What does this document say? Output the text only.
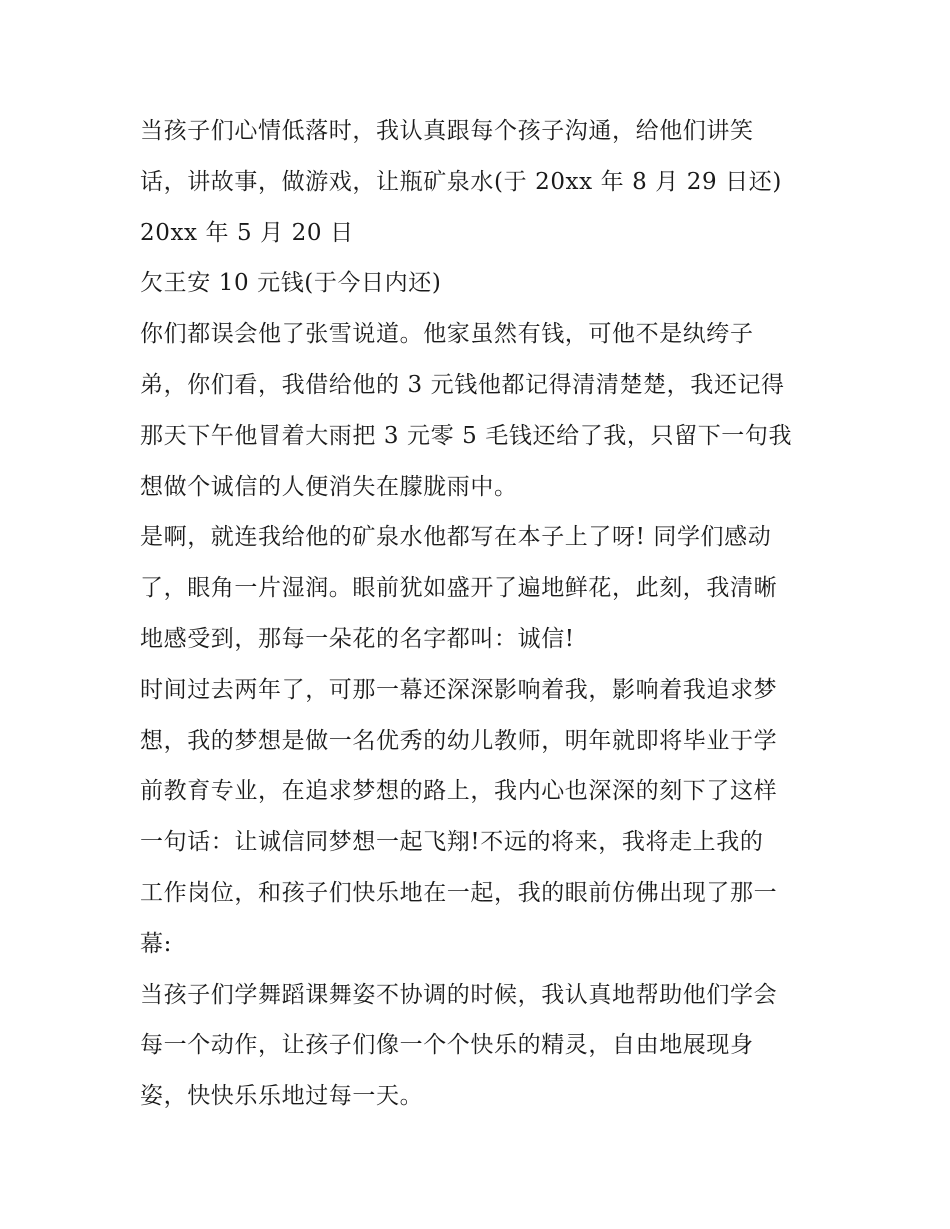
当孩子们心情低落时，我认真跟每个孩子沟通，给他们讲笑
话，讲故事，做游戏，让瓶矿泉水(于 20xx 年 8 月 29 日还)
20xx 年 5 月 20 日
欠王安 10 元钱(于今日内还)
你们都误会他了张雪说道。他家虽然有钱，可他不是纨绔子
弟，你们看，我借给他的 3 元钱他都记得清清楚楚，我还记得
那天下午他冒着大雨把 3 元零 5 毛钱还给了我，只留下一句我
想做个诚信的人便消失在朦胧雨中。
是啊，就连我给他的矿泉水他都写在本子上了呀! 同学们感动
了，眼角一片湿润。眼前犹如盛开了遍地鲜花，此刻，我清晰
地感受到，那每一朵花的名字都叫：诚信!
时间过去两年了，可那一幕还深深影响着我，影响着我追求梦
想，我的梦想是做一名优秀的幼儿教师，明年就即将毕业于学
前教育专业，在追求梦想的路上，我内心也深深的刻下了这样
一句话：让诚信同梦想一起飞翔!不远的将来，我将走上我的
工作岗位，和孩子们快乐地在一起，我的眼前仿佛出现了那一
幕:
当孩子们学舞蹈课舞姿不协调的时候，我认真地帮助他们学会
每一个动作，让孩子们像一个个快乐的精灵，自由地展现身
姿，快快乐乐地过每一天。
